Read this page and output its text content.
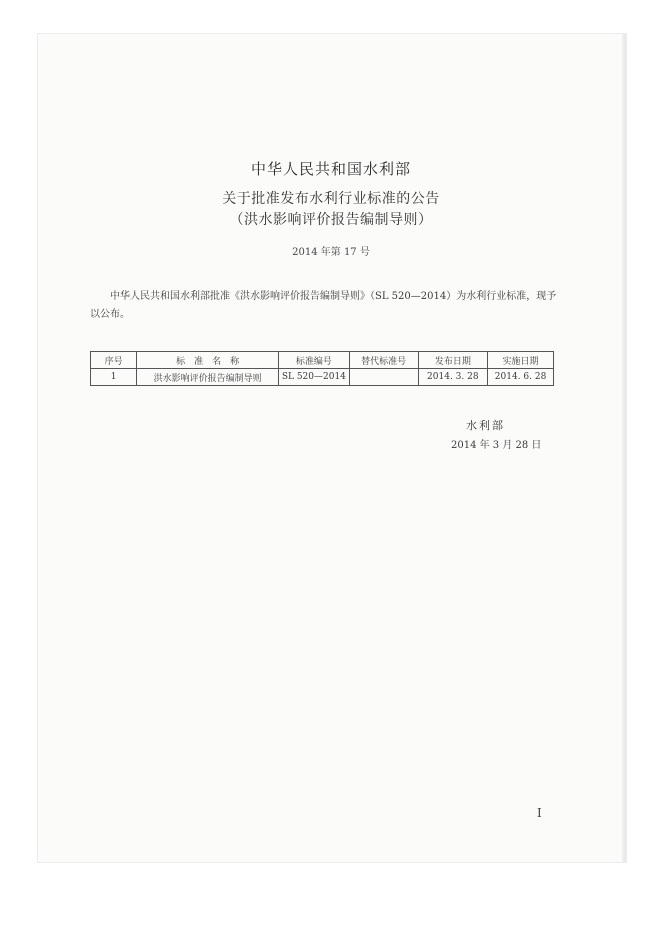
中华人民共和国水利部
关于批准发布水利行业标准的公告
（洪水影响评价报告编制导则）
2014 年第 17 号
中华人民共和国水利部批准《洪水影响评价报告编制导则》（SL 520—2014）为水利行业标准，现予以公布。
序号	标　准　名　称	标准编号	替代标准号	发布日期	实施日期
1	洪水影响评价报告编制导则	SL 520—2014		2014. 3. 28	2014. 6. 28
水利部
2014 年 3 月 28 日
I
